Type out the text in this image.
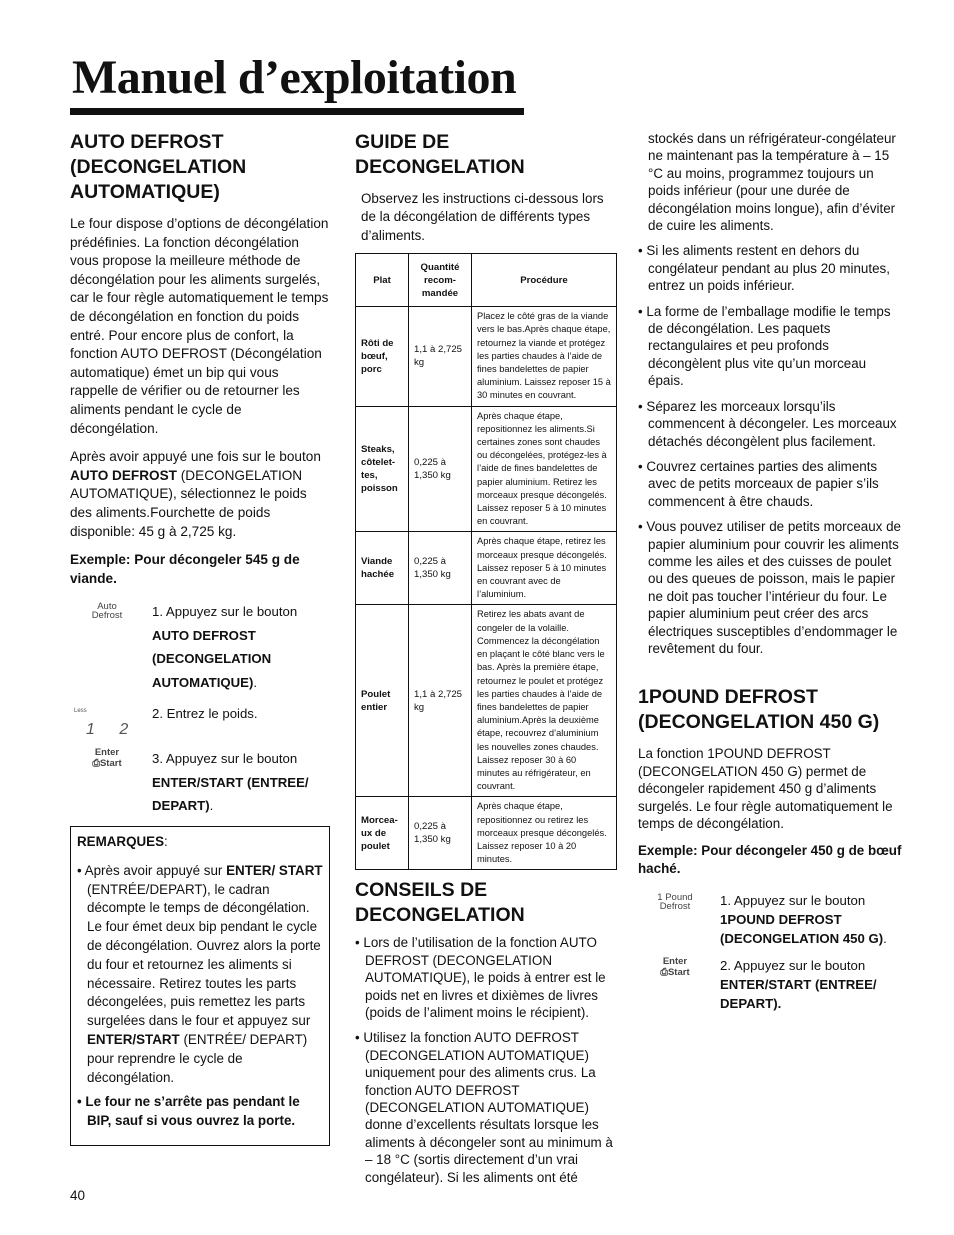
Manuel d’exploitation
AUTO DEFROST
(DECONGELATION
AUTOMATIQUE)

Le four dispose d’options de décongélation prédéfinies. La fonction décongélation vous propose la meilleure méthode de décongélation pour les aliments surgelés, car le four règle automatiquement le temps de décongélation en fonction du poids entré. Pour encore plus de confort, la fonction AUTO DEFROST (Décongélation automatique) émet un bip qui vous rappelle de vérifier ou de retourner les aliments pendant le cycle de décongélation.

Après avoir appuyé une fois sur le bouton AUTO DEFROST (DECONGELATION AUTOMATIQUE), sélectionnez le poids des aliments.Fourchette de poids disponible: 45 g à 2,725 kg.

Exemple: Pour décongeler 545 g de viande.

Auto
Defrost	1. Appuyez sur le bouton
AUTO DEFROST
(DECONGELATION
AUTOMATIQUE).
Less
1 2
2. Entrez le poids.
Enter
⎙Start	3. Appuyez sur le bouton
ENTER/START (ENTREE/
DEPART).
REMARQUES:
• Après avoir appuyé sur ENTER/ START (ENTRÉE/DEPART), le cadran décompte le temps de décongélation. Le four émet deux bip pendant le cycle de décongélation. Ouvrez alors la porte du four et retournez les aliments si nécessaire. Retirez toutes les parts décongelées, puis remettez les parts surgelées dans le four et appuyez sur ENTER/START (ENTRÉE/ DEPART) pour reprendre le cycle de décongélation.
• Le four ne s’arrête pas pendant le BIP, sauf si vous ouvrez la porte.
GUIDE DE DECONGELATION

Observez les instructions ci-dessous lors de la décongélation de différents types d’aliments.

Plat	Quantité recom-mandée	Procédure
Rôti de bœuf, porc	1,1 à 2,725 kg	Placez le côté gras de la viande vers le bas.Après chaque étape, retournez la viande et protégez les parties chaudes à l’aide de fines bandelettes de papier aluminium. Laissez reposer 15 à 30 minutes en couvrant.
Steaks, côtelet-tes, poisson	0,225 à 1,350 kg	Après chaque étape, repositionnez les aliments.Si certaines zones sont chaudes ou décongelées, protégez-les à l’aide de fines bandelettes de papier aluminium. Retirez les morceaux presque décongelés. Laissez reposer 5 à 10 minutes en couvrant.
Viande hachée	0,225 à 1,350 kg	Après chaque étape, retirez les morceaux presque décongelés. Laissez reposer 5 à 10 minutes en couvrant avec de l’aluminium.
Poulet entier	1,1 à 2,725 kg	Retirez les abats avant de congeler de la volaille. Commencez la décongélation en plaçant le côté blanc vers le bas. Après la première étape, retournez le poulet et protégez les parties chaudes à l’aide de fines bandelettes de papier aluminium.Après la deuxième étape, recouvrez d’aluminium les nouvelles zones chaudes. Laissez reposer 30 à 60 minutes au réfrigérateur, en couvrant.
Morcea-ux de poulet	0,225 à 1,350 kg	Après chaque étape, repositionnez ou retirez les morceaux presque décongelés. Laissez reposer 10 à 20 minutes.
CONSEILS DE
DECONGELATION
• Lors de l’utilisation de la fonction AUTO DEFROST (DECONGELATION AUTOMATIQUE), le poids à entrer est le poids net en livres et dixièmes de livres (poids de l’aliment moins le récipient).
• Utilisez la fonction AUTO DEFROST (DECONGELATION AUTOMATIQUE) uniquement pour des aliments crus. La fonction AUTO DEFROST (DECONGELATION AUTOMATIQUE) donne d’excellents résultats lorsque les aliments à décongeler sont au minimum à – 18 °C (sortis directement d’un vrai congélateur). Si les aliments ont été
stockés dans un réfrigérateur-congélateur ne maintenant pas la température à – 15 °C au moins, programmez toujours un poids inférieur (pour une durée de décongélation moins longue), afin d’éviter de cuire les aliments.
• Si les aliments restent en dehors du congélateur pendant au plus 20 minutes, entrez un poids inférieur.
• La forme de l’emballage modifie le temps de décongélation. Les paquets rectangulaires et peu profonds décongèlent plus vite qu’un morceau épais.
• Séparez les morceaux lorsqu’ils commencent à décongeler. Les morceaux détachés décongèlent plus facilement.
• Couvrez certaines parties des aliments avec de petits morceaux de papier s’ils commencent à être chauds.
• Vous pouvez utiliser de petits morceaux de papier aluminium pour couvrir les aliments comme les ailes et des cuisses de poulet ou des queues de poisson, mais le papier ne doit pas toucher l’intérieur du four. Le papier aluminium peut créer des arcs électriques susceptibles d’endommager le revêtement du four.
1POUND DEFROST
(DECONGELATION 450 G)

La fonction 1POUND DEFROST (DECONGELATION 450 G) permet de décongeler rapidement 450 g d’aliments surgelés. Le four règle automatiquement le temps de décongélation.

Exemple: Pour décongeler 450 g de bœuf haché.

1 Pound
Defrost	1. Appuyez sur le bouton
1POUND DEFROST
(DECONGELATION 450 G).
Enter
⎙Start	2. Appuyez sur le bouton
ENTER/START (ENTREE/
DEPART).
40
